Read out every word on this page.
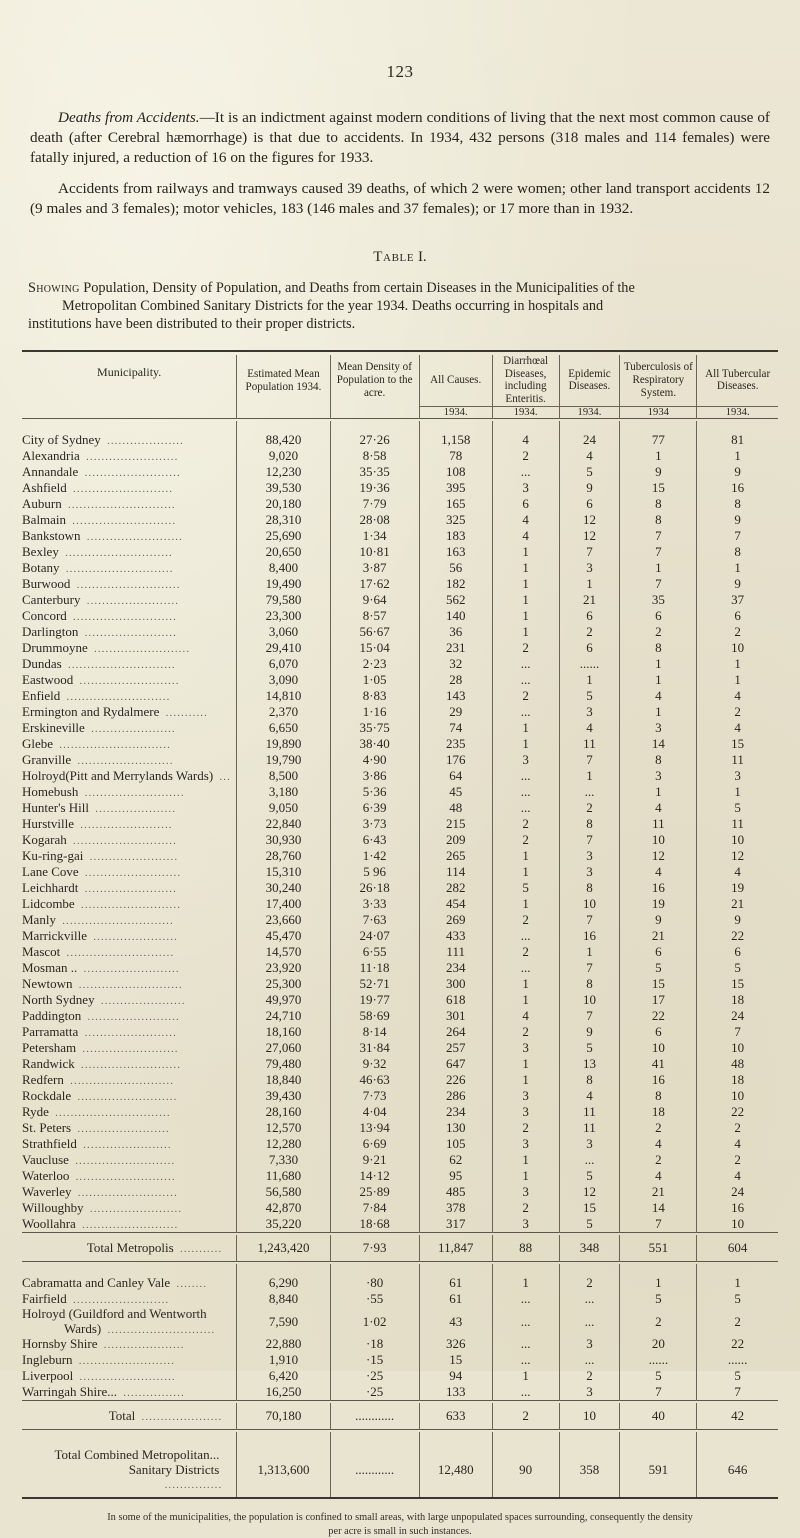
123

Deaths from Accidents.—It is an indictment against modern conditions of living that the next most common cause of death (after Cerebral hæmorrhage) is that due to accidents. In 1934, 432 persons (318 males and 114 females) were fatally injured, a reduction of 16 on the figures for 1933.

Accidents from railways and tramways caused 39 deaths, of which 2 were women; other land transport accidents 12 (9 males and 3 females); motor vehicles, 183 (146 males and 37 females); or 17 more than in 1932.

Table I.
Showing Population, Density of Population, and Deaths from certain Diseases in the Municipalities of the
Metropolitan Combined Sanitary Districts for the year 1934. Deaths occurring in hospitals and
institutions have been distributed to their proper districts.

Municipality.	Estimated Mean Population 1934.	Mean Density of Population to the acre.	All Causes.	Diarrhœal Diseases, including Enteritis.	Epidemic Diseases.	Tuberculosis of Respiratory System.	All Tubercular Diseases.
			1934.	1934.	1934.	1934	1934.

City of Sydney ....................	88,420	27·26	1,158	4	24	77	81
Alexandria ........................	9,020	8·58	78	2	4	1	1
Annandale .........................	12,230	35·35	108	...	5	9	9
Ashfield ..........................	39,530	19·36	395	3	9	15	16
Auburn ............................	20,180	7·79	165	6	6	8	8
Balmain ...........................	28,310	28·08	325	4	12	8	9
Bankstown .........................	25,690	1·34	183	4	12	7	7
Bexley ............................	20,650	10·81	163	1	7	7	8
Botany ............................	8,400	3·87	56	1	3	1	1
Burwood ...........................	19,490	17·62	182	1	1	7	9
Canterbury ........................	79,580	9·64	562	1	21	35	37
Concord ...........................	23,300	8·57	140	1	6	6	6
Darlington ........................	3,060	56·67	36	1	2	2	2
Drummoyne .........................	29,410	15·04	231	2	6	8	10
Dundas ............................	6,070	2·23	32	...	......	1	1
Eastwood ..........................	3,090	1·05	28	...	1	1	1
Enfield ...........................	14,810	8·83	143	2	5	4	4
Ermington and Rydalmere ...........	2,370	1·16	29	...	3	1	2
Erskineville ......................	6,650	35·75	74	1	4	3	4
Glebe .............................	19,890	38·40	235	1	11	14	15
Granville .........................	19,790	4·90	176	3	7	8	11
Holroyd(Pitt and Merrylands Wards) ...	8,500	3·86	64	...	1	3	3
Homebush ..........................	3,180	5·36	45	...	...	1	1
Hunter's Hill .....................	9,050	6·39	48	...	2	4	5
Hurstville ........................	22,840	3·73	215	2	8	11	11
Kogarah ...........................	30,930	6·43	209	2	7	10	10
Ku-ring-gai .......................	28,760	1·42	265	1	3	12	12
Lane Cove .........................	15,310	5 96	114	1	3	4	4
Leichhardt ........................	30,240	26·18	282	5	8	16	19
Lidcombe ..........................	17,400	3·33	454	1	10	19	21
Manly .............................	23,660	7·63	269	2	7	9	9
Marrickville ......................	45,470	24·07	433	...	16	21	22
Mascot ............................	14,570	6·55	111	2	1	6	6
Mosman .. .........................	23,920	11·18	234	...	7	5	5
Newtown ...........................	25,300	52·71	300	1	8	15	15
North Sydney ......................	49,970	19·77	618	1	10	17	18
Paddington ........................	24,710	58·69	301	4	7	22	24
Parramatta ........................	18,160	8·14	264	2	9	6	7
Petersham .........................	27,060	31·84	257	3	5	10	10
Randwick ..........................	79,480	9·32	647	1	13	41	48
Redfern ...........................	18,840	46·63	226	1	8	16	18
Rockdale ..........................	39,430	7·73	286	3	4	8	10
Ryde ..............................	28,160	4·04	234	3	11	18	22
St. Peters ........................	12,570	13·94	130	2	11	2	2
Strathfield .......................	12,280	6·69	105	3	3	4	4
Vaucluse ..........................	7,330	9·21	62	1	...	2	2
Waterloo ..........................	11,680	14·12	95	1	5	4	4
Waverley ..........................	56,580	25·89	485	3	12	21	24
Willoughby ........................	42,870	7·84	378	2	15	14	16
Woollahra .........................	35,220	18·68	317	3	5	7	10

Total Metropolis ...........	1,243,420	7·93	11,847	88	348	551	604

Cabramatta and Canley Vale ........	6,290	·80	61	1	2	1	1
Fairfield .........................	8,840	·55	61	...	...	5	5
Holroyd (Guildford and Wentworth
Wards) ............................	7,590	1·02	43	...	...	2	2
Hornsby Shire .....................	22,880	·18	326	...	3	20	22
Ingleburn .........................	1,910	·15	15	...	...	......	......
Liverpool .........................	6,420	·25	94	1	2	5	5
Warringah Shire... ................	16,250	·25	133	...	3	7	7

Total .....................	70,180	............	633	2	10	40	42

Total Combined Metropolitan...
Sanitary Districts ...............	1,313,600	............	12,480	90	358	591	646

In some of the municipalities, the population is confined to small areas, with large unpopulated spaces surrounding, consequently the density
per acre is small in such instances.
